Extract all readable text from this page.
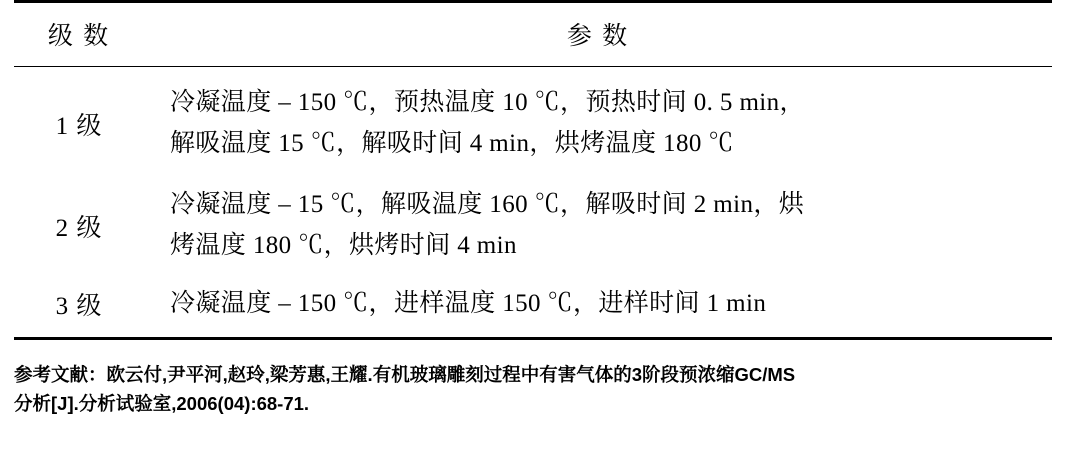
级 数	参 数
1 级	冷凝温度 – 150 ℃，预热温度 10 ℃，预热时间 0. 5 min，
解吸温度 15 ℃，解吸时间 4 min，烘烤温度 180 ℃

2 级	冷凝温度 – 15 ℃，解吸温度 160 ℃，解吸时间 2 min，烘
烤温度 180 ℃，烘烤时间 4 min

3 级	冷凝温度 – 150 ℃，进样温度 150 ℃，进样时间 1 min
参考文献：欧云付,尹平河,赵玲,梁芳惠,王耀.有机玻璃雕刻过程中有害气体的3阶段预浓缩GC/MS
分析[J].分析试验室,2006(04):68-71.
